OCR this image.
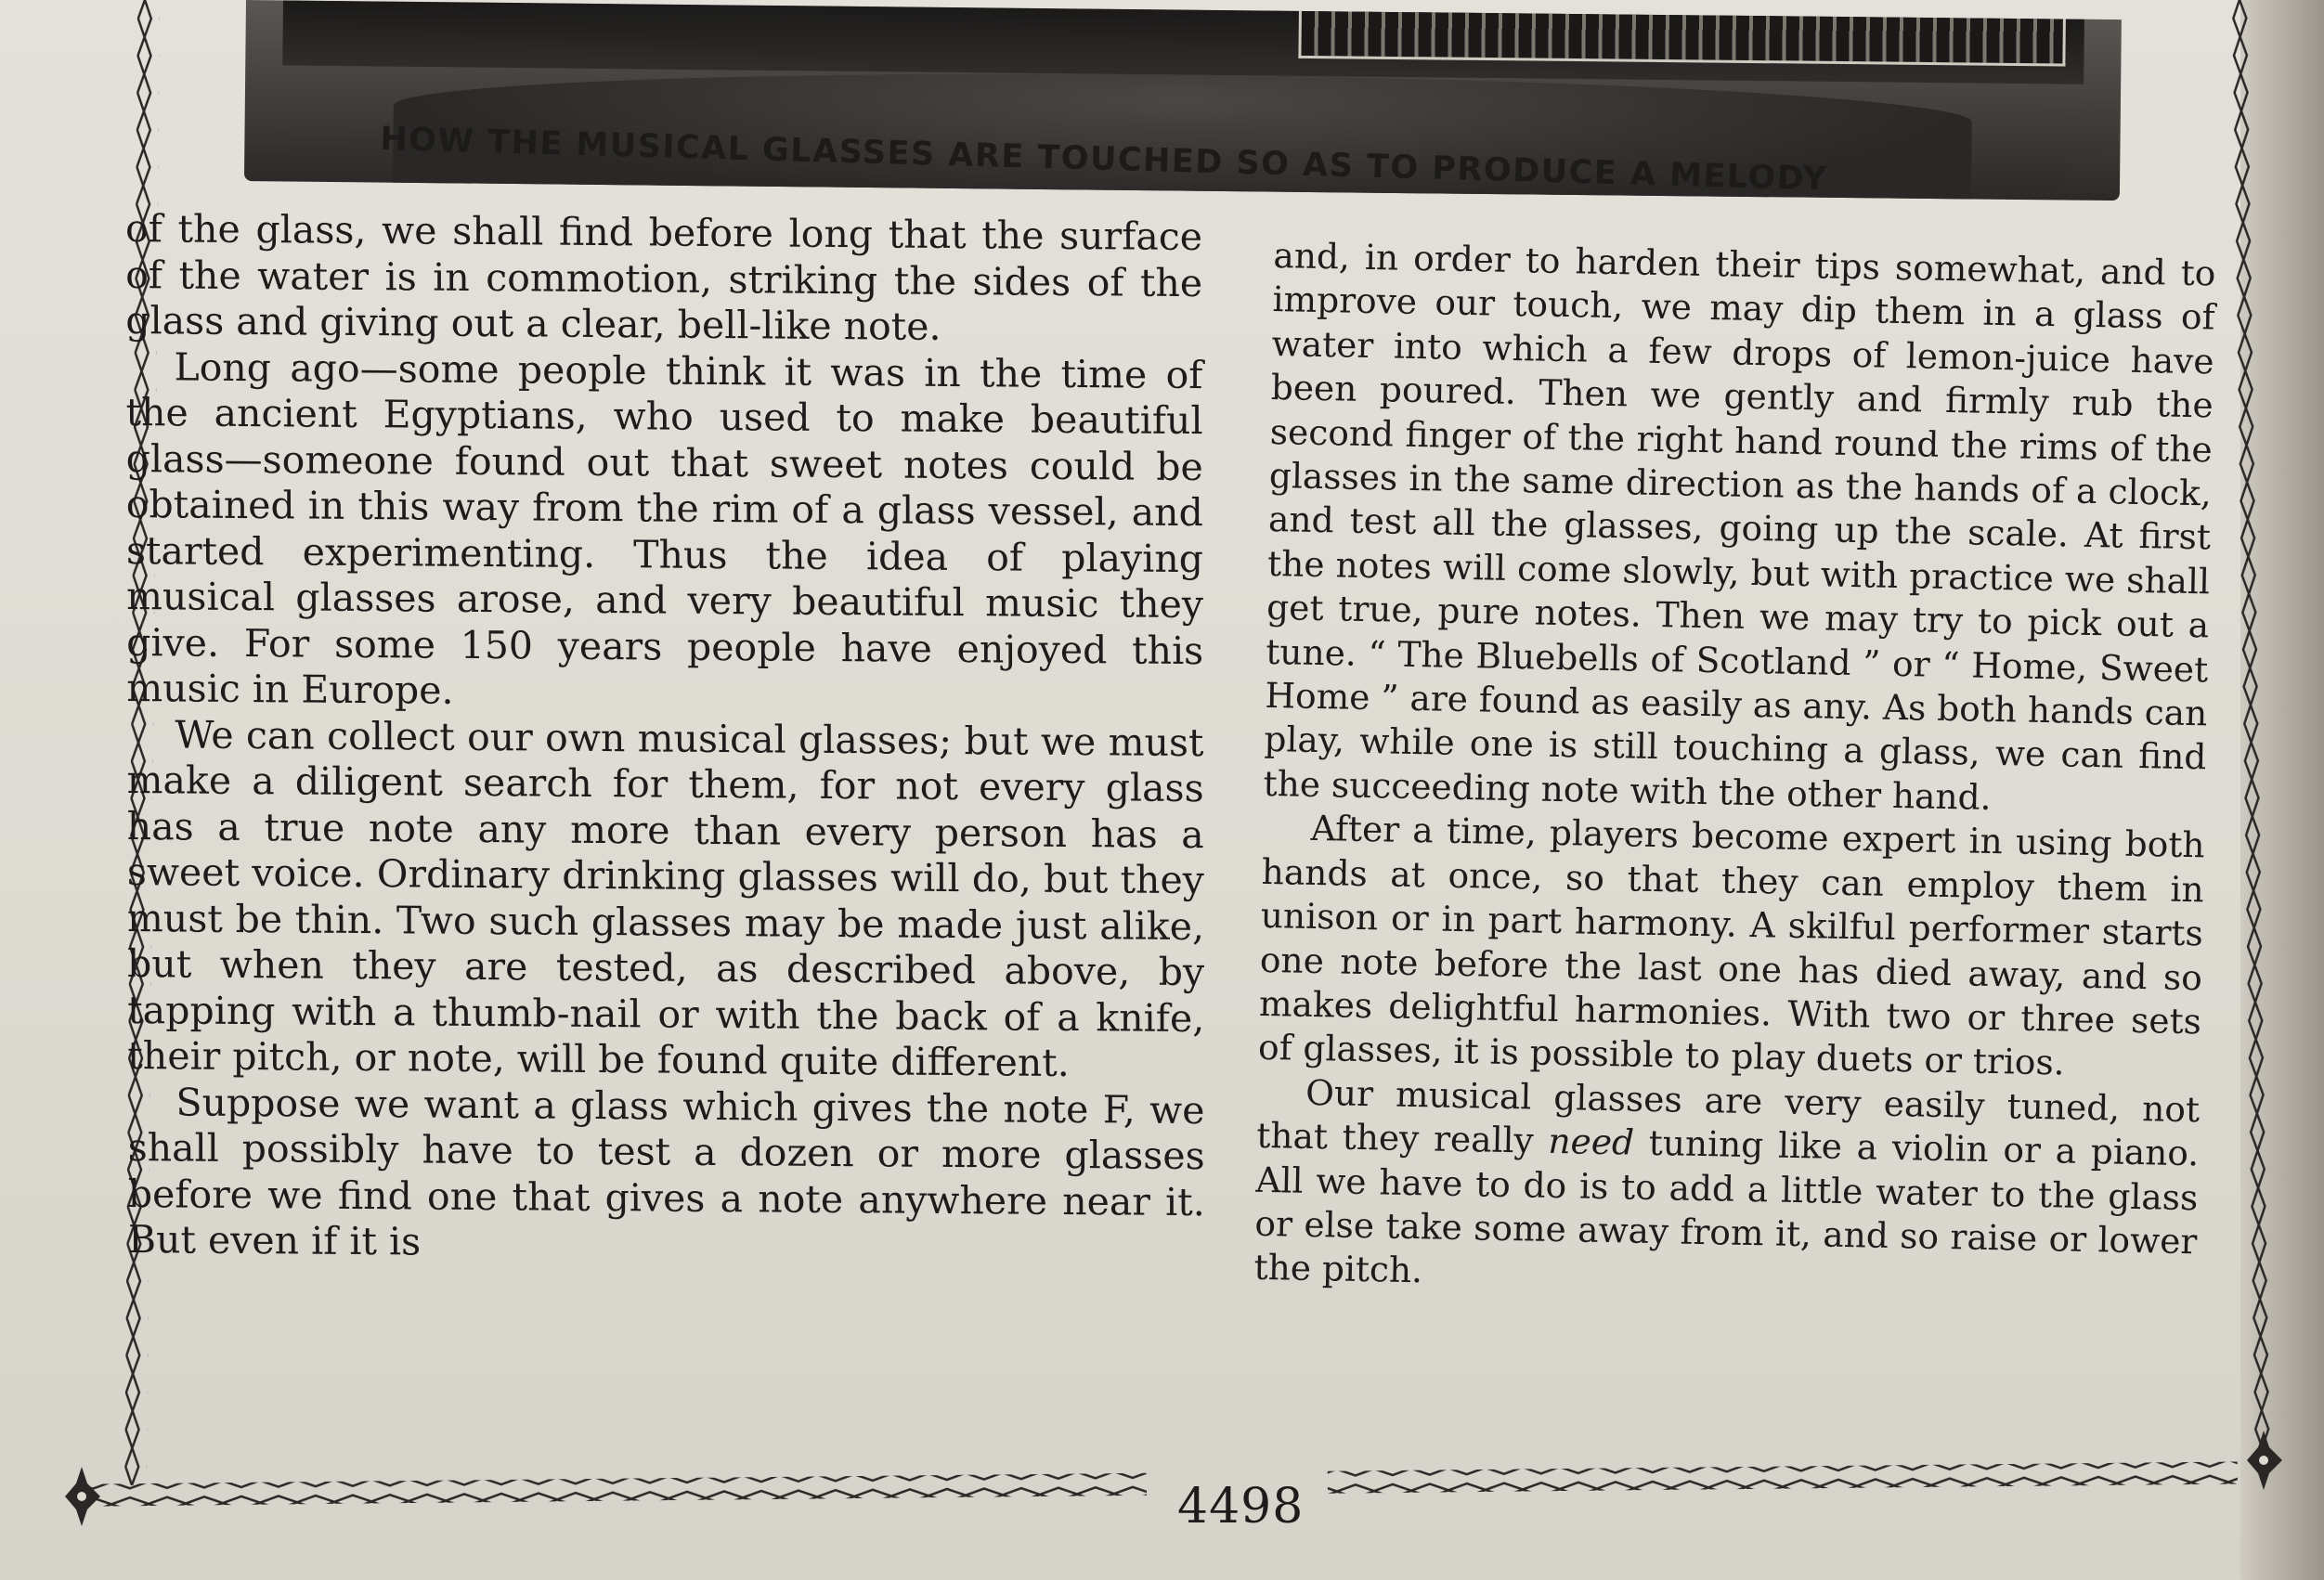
HOW THE MUSICAL GLASSES ARE TOUCHED SO AS TO PRODUCE A MELODY

of the glass, we shall find before long that the surface of the water is in commotion, striking the sides of the glass and giving out a clear, bell-like note.

Long ago—some people think it was in the time of the ancient Egyptians, who used to make beautiful glass—someone found out that sweet notes could be obtained in this way from the rim of a glass vessel, and started experimenting. Thus the idea of playing musical glasses arose, and very beautiful music they give. For some 150 years people have enjoyed this music in Europe.

We can collect our own musical glasses; but we must make a diligent search for them, for not every glass has a true note any more than every person has a sweet voice. Ordinary drinking glasses will do, but they must be thin. Two such glasses may be made just alike, but when they are tested, as described above, by tapping with a thumb-nail or with the back of a knife, their pitch, or note, will be found quite different.

Suppose we want a glass which gives the note F, we shall possibly have to test a dozen or more glasses before we find one that gives a note anywhere near it. But even if it is

and, in order to harden their tips somewhat, and to improve our touch, we may dip them in a glass of water into which a few drops of lemon-juice have been poured. Then we gently and firmly rub the second finger of the right hand round the rims of the glasses in the same direction as the hands of a clock, and test all the glasses, going up the scale. At first the notes will come slowly, but with practice we shall get true, pure notes. Then we may try to pick out a tune. “ The Bluebells of Scotland ” or “ Home, Sweet Home ” are found as easily as any. As both hands can play, while one is still touching a glass, we can find the succeeding note with the other hand.

After a time, players become expert in using both hands at once, so that they can employ them in unison or in part harmony. A skilful performer starts one note before the last one has died away, and so makes delightful harmonies. With two or three sets of glasses, it is possible to play duets or trios.

Our musical glasses are very easily tuned, not that they really need tuning like a violin or a piano. All we have to do is to add a little water to the glass or else take some away from it, and so raise or lower the pitch.

4498
